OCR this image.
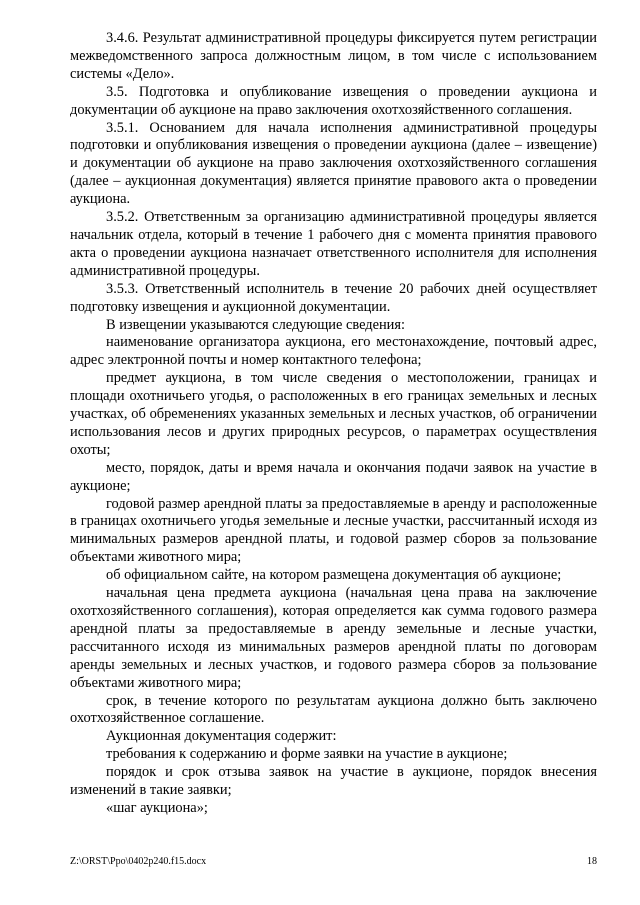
3.4.6. Результат административной процедуры фиксируется путем регистрации межведомственного запроса должностным лицом, в том числе с использованием системы «Дело».

3.5. Подготовка и опубликование извещения о проведении аукциона и документации об аукционе на право заключения охотхозяйственного соглашения.

3.5.1. Основанием для начала исполнения административной процедуры подготовки и опубликования извещения о проведении аукциона (далее – извещение) и документации об аукционе на право заключения охотхозяйственного соглашения (далее – аукционная документация) является принятие правового акта о проведении аукциона.

3.5.2. Ответственным за организацию административной процедуры является начальник отдела, который в течение 1 рабочего дня с момента принятия правового акта о проведении аукциона назначает ответственного исполнителя для исполнения административной процедуры.

3.5.3. Ответственный исполнитель в течение 20 рабочих дней осуществляет подготовку извещения и аукционной документации.

В извещении указываются следующие сведения:

наименование организатора аукциона, его местонахождение, почтовый адрес, адрес электронной почты и номер контактного телефона;

предмет аукциона, в том числе сведения о местоположении, границах и площади охотничьего угодья, о расположенных в его границах земельных и лесных участках, об обременениях указанных земельных и лесных участков, об ограничении использования лесов и других природных ресурсов, о параметрах осуществления охоты;

место, порядок, даты и время начала и окончания подачи заявок на участие в аукционе;

годовой размер арендной платы за предоставляемые в аренду и расположенные в границах охотничьего угодья земельные и лесные участки, рассчитанный исходя из минимальных размеров арендной платы, и годовой размер сборов за пользование объектами животного мира;

об официальном сайте, на котором размещена документация об аукционе;

начальная цена предмета аукциона (начальная цена права на заключение охотхозяйственного соглашения), которая определяется как сумма годового размера арендной платы за предоставляемые в аренду земельные и лесные участки, рассчитанного исходя из минимальных размеров арендной платы по договорам аренды земельных и лесных участков, и годового размера сборов за пользование объектами животного мира;

срок, в течение которого по результатам аукциона должно быть заключено охотхозяйственное соглашение.

Аукционная документация содержит:

требования к содержанию и форме заявки на участие в аукционе;

порядок и срок отзыва заявок на участие в аукционе, порядок внесения изменений в такие заявки;

«шаг аукциона»;

Z:\ORST\Ppo\0402p240.f15.docx	18
